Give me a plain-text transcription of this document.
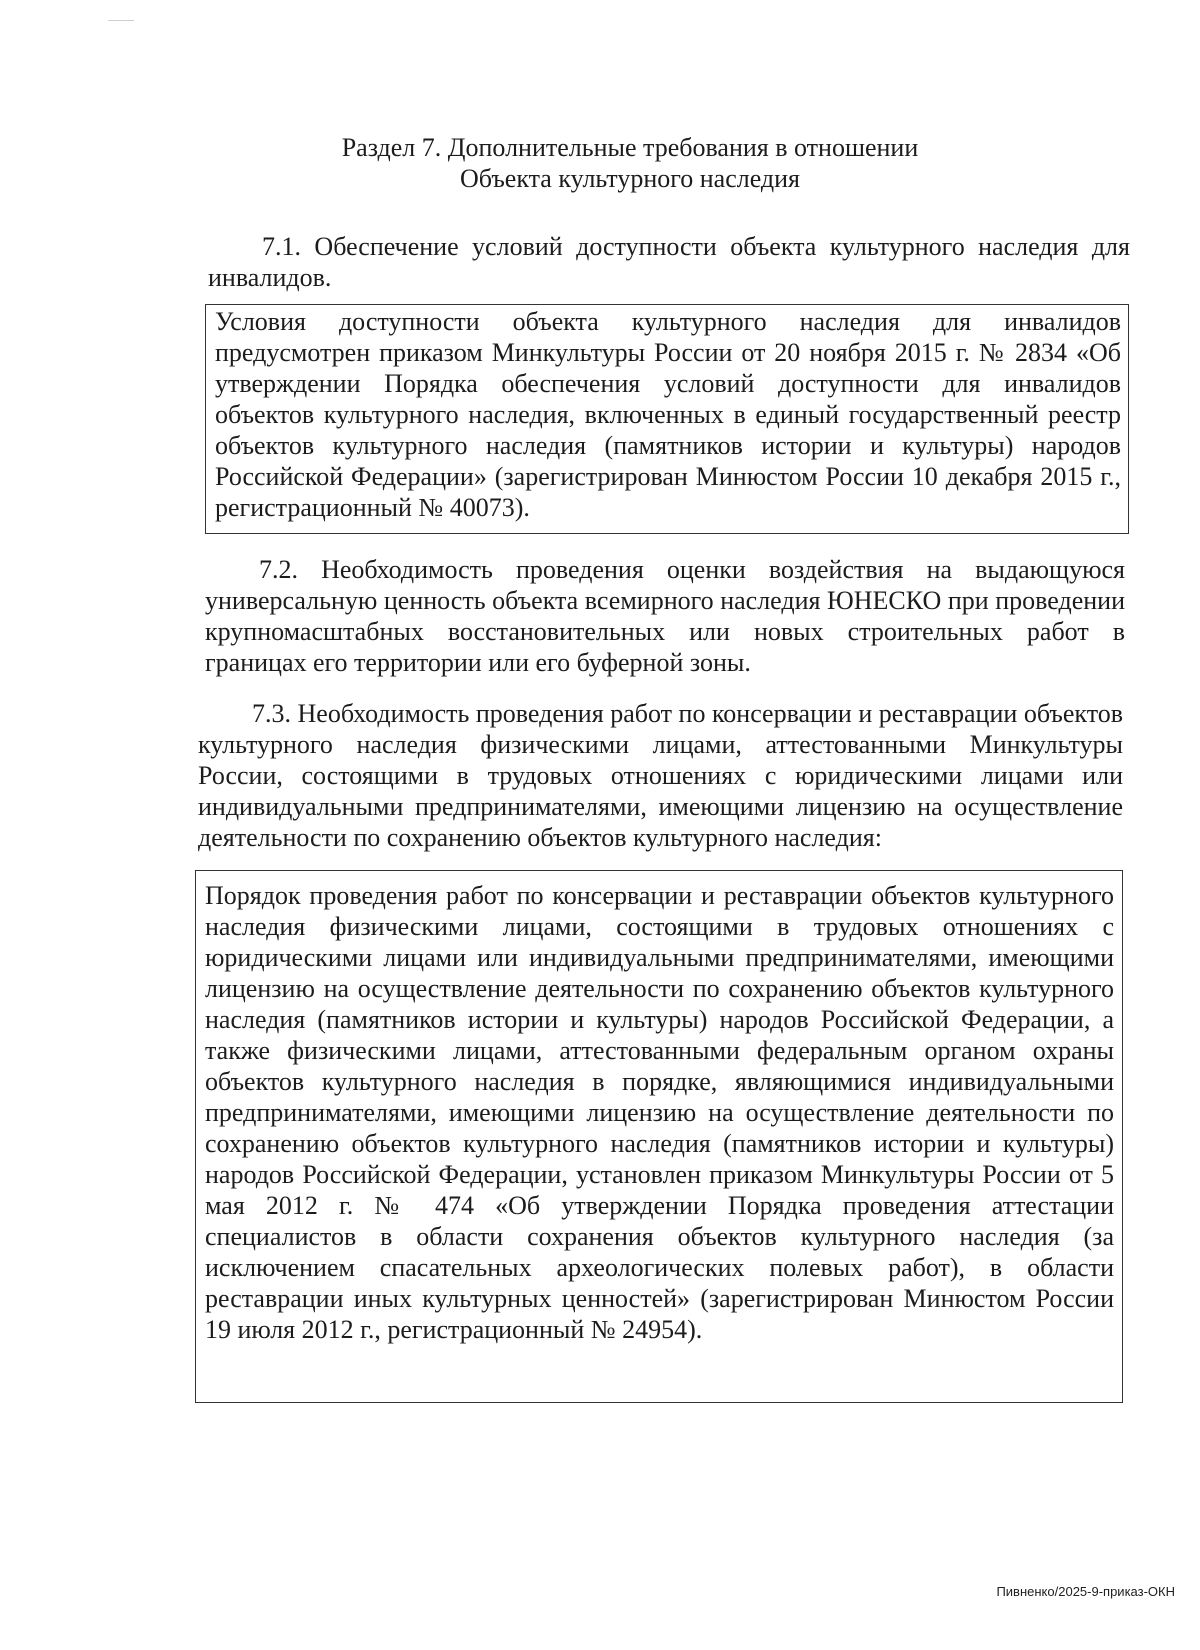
Раздел 7. Дополнительные требования в отношении
Объекта культурного наследия

7.1. Обеспечение условий доступности объекта культурного наследия для инвалидов.

Условия доступности объекта культурного наследия для инвалидов предусмотрен приказом Минкультуры России от 20 ноября 2015 г. № 2834 «Об утверждении Порядка обеспечения условий доступности для инвалидов объектов культурного наследия, включенных в единый государственный реестр объектов культурного наследия (памятников истории и культуры) народов Российской Федерации» (зарегистрирован Минюстом России 10 декабря 2015 г., регистрационный № 40073).

7.2. Необходимость проведения оценки воздействия на выдающуюся универсальную ценность объекта всемирного наследия ЮНЕСКО при проведении крупномасштабных восстановительных или новых строительных работ в границах его территории или его буферной зоны.

7.3. Необходимость проведения работ по консервации и реставрации объектов культурного наследия физическими лицами, аттестованными Минкультуры России, состоящими в трудовых отношениях с юридическими лицами или индивидуальными предпринимателями, имеющими лицензию на осуществление деятельности по сохранению объектов культурного наследия:

Порядок проведения работ по консервации и реставрации объектов культурного наследия физическими лицами, состоящими в трудовых отношениях с юридическими лицами или индивидуальными предпринимателями, имеющими лицензию на осуществление деятельности по сохранению объектов культурного наследия (памятников истории и культуры) народов Российской Федерации, а также физическими лицами, аттестованными федеральным органом охраны объектов культурного наследия в порядке, являющимися индивидуальными предпринимателями, имеющими лицензию на осуществление деятельности по сохранению объектов культурного наследия (памятников истории и культуры) народов Российской Федерации, установлен приказом Минкультуры России от 5 мая 2012 г. № 474 «Об утверждении Порядка проведения аттестации специалистов в области сохранения объектов культурного наследия (за исключением спасательных археологических полевых работ), в области реставрации иных культурных ценностей» (зарегистрирован Минюстом России 19 июля 2012 г., регистрационный № 24954).
Пивненко/2025-9-приказ-ОКН
